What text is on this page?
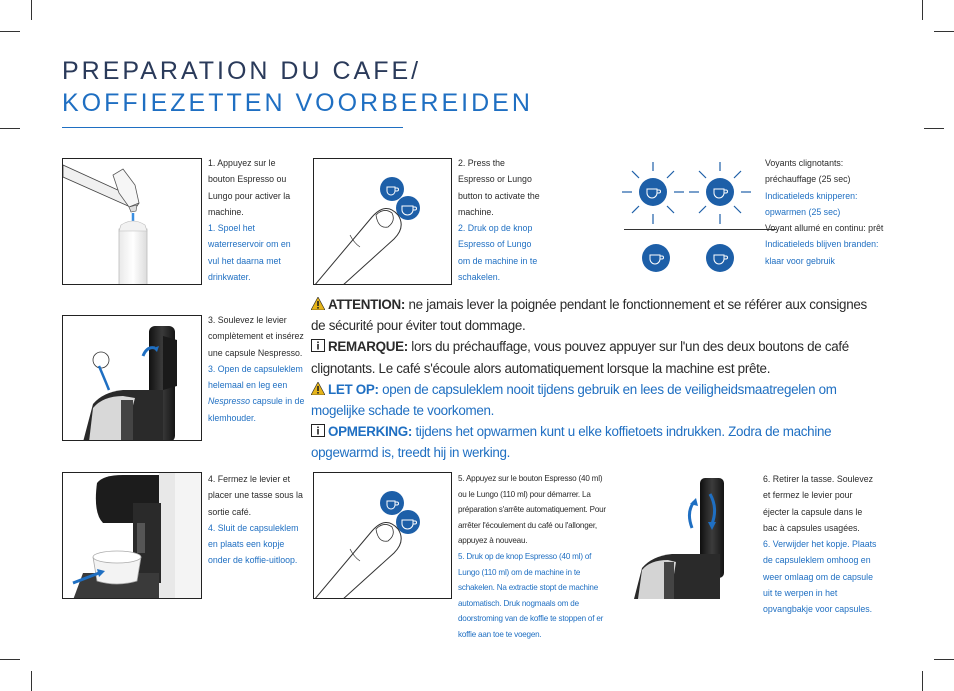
PREPARATION DU CAFE/
KOFFIEZETTEN VOORBEREIDEN
1. Appuyez sur le bouton Espresso ou Lungo pour activer la machine.
1. Spoel het waterreservoir om en vul het daarna met drinkwater.
2. Press the Espresso or Lungo button to activate the machine.
2. Druk op de knop Espresso of Lungo om de machine in te schakelen.
Voyants clignotants: préchauffage (25 sec)
Indicatieleds knipperen: opwarmen (25 sec)
Voyant allumé en continu: prêt
Indicatieleds blijven branden: klaar voor gebruik
3. Soulevez le levier complètement et insérez une capsule Nespresso.
3. Open de capsuleklem helemaal en leg een Nespresso capsule in de klemhouder.
ATTENTION: ne jamais lever la poignée pendant le fonctionnement et se référer aux consignes de sécurité pour éviter tout dommage.
REMARQUE: lors du préchauffage, vous pouvez appuyer sur l'un des deux boutons de café clignotants. Le café s'écoule alors automatiquement lorsque la machine est prête.
LET OP: open de capsuleklem nooit tijdens gebruik en lees de veiligheidsmaatregelen om mogelijke schade te voorkomen.
OPMERKING: tijdens het opwarmen kunt u elke koffietoets indrukken. Zodra de machine opgewarmd is, treedt hij in werking.
4. Fermez le levier et placer une tasse sous la sortie café.
4. Sluit de capsuleklem en plaats een kopje onder de koffie-uitloop.
5. Appuyez sur le bouton Espresso (40 ml) ou le Lungo (110 ml) pour démarrer. La préparation s'arrête automatiquement. Pour arrêter l'écoulement du café ou l'allonger, appuyez à nouveau.
5. Druk op de knop Espresso (40 ml) of Lungo (110 ml) om de machine in te schakelen. Na extractie stopt de machine automatisch. Druk nogmaals om de doorstroming van de koffie te stoppen of er koffie aan toe te voegen.
6. Retirer la tasse. Soulevez et fermez le levier pour éjecter la capsule dans le bac à capsules usagées.
6. Verwijder het kopje. Plaats de capsuleklem omhoog en weer omlaag om de capsule uit te werpen in het opvangbakje voor capsules.
